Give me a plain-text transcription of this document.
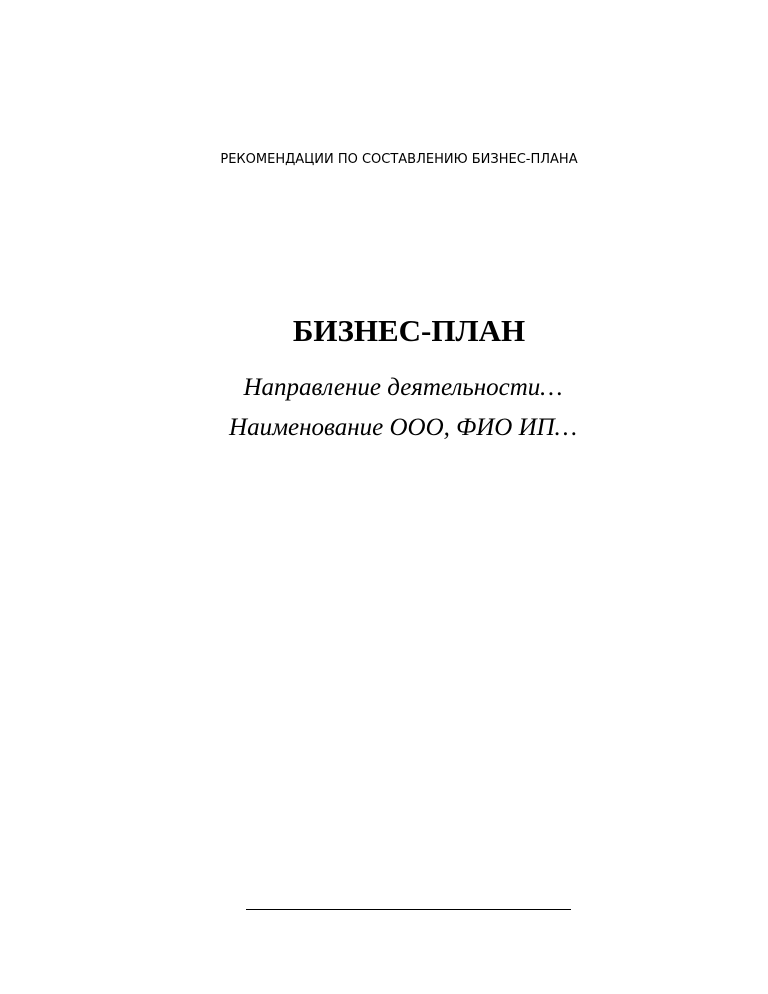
РЕКОМЕНДАЦИИ ПО СОСТАВЛЕНИЮ БИЗНЕС-ПЛАНА
БИЗНЕС-ПЛАН
Направление деятельности…
Наименование ООО, ФИО ИП…
